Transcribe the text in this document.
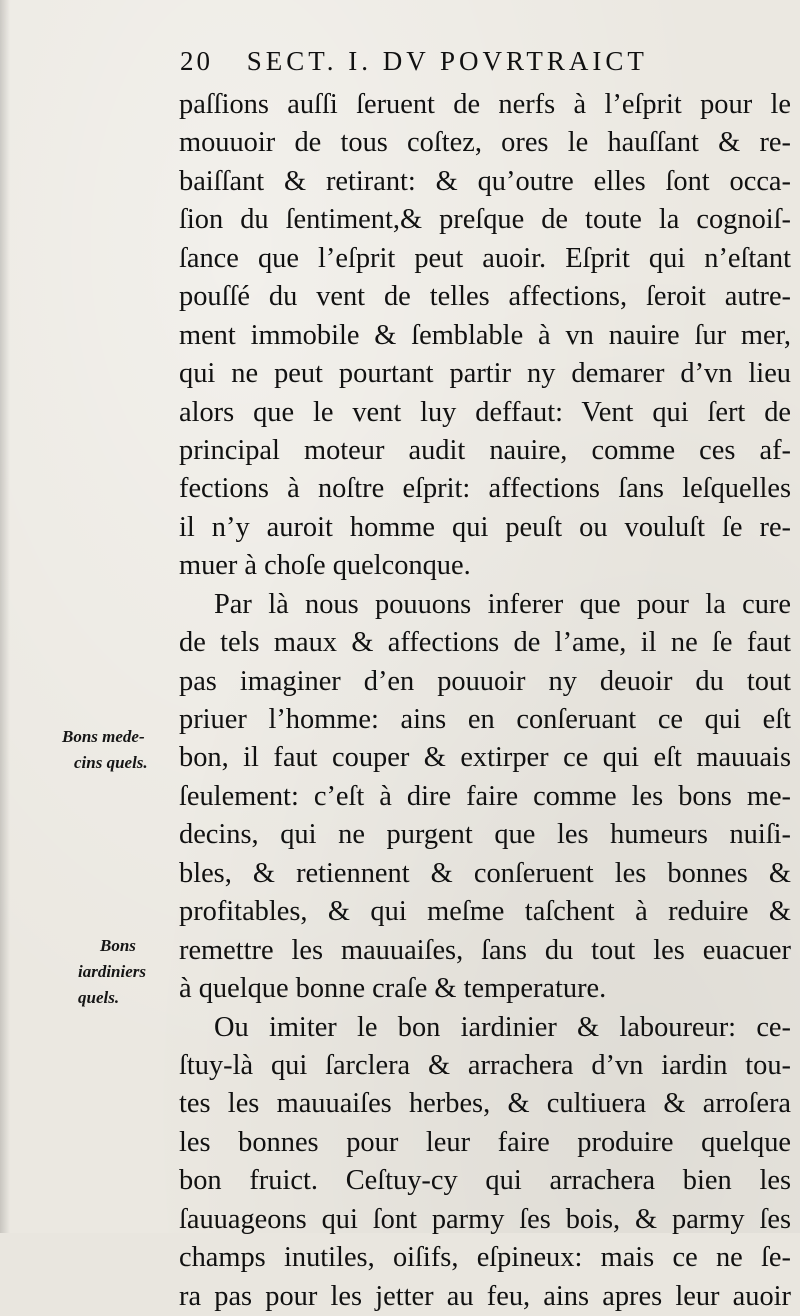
20 SECT. I. DV POVRTRAICT
paſſions auſſi ſeruent de nerfs à l’eſprit pour le
mouuoir de tous coſtez, ores le hauſſant & re-
baiſſant & retirant: & qu’outre elles ſont occa-
ſion du ſentiment,& preſque de toute la cognoiſ-
ſance que l’eſprit peut auoir. Eſprit qui n’eſtant
pouſſé du vent de telles affections, ſeroit autre-
ment immobile & ſemblable à vn nauire ſur mer,
qui ne peut pourtant partir ny demarer d’vn lieu
alors que le vent luy deffaut: Vent qui ſert de
principal moteur audit nauire, comme ces af-
fections à noſtre eſprit: affections ſans leſquelles
il n’y auroit homme qui peuſt ou vouluſt ſe re-
muer à choſe quelconque.
Par là nous pouuons inferer que pour la cure
de tels maux & affections de l’ame, il ne ſe faut
pas imaginer d’en pouuoir ny deuoir du tout
priuer l’homme: ains en conſeruant ce qui eſt
bon, il faut couper & extirper ce qui eſt mauuais
ſeulement: c’eſt à dire faire comme les bons me-
decins, qui ne purgent que les humeurs nuiſi-
bles, & retiennent & conſeruent les bonnes &
profitables, & qui meſme taſchent à reduire &
remettre les mauuaiſes, ſans du tout les euacuer
à quelque bonne craſe & temperature.
Ou imiter le bon iardinier & laboureur: ce-
ſtuy-là qui ſarclera & arrachera d’vn iardin tou-
tes les mauuaiſes herbes, & cultiuera & arroſera
les bonnes pour leur faire produire quelque
bon fruict. Ceſtuy-cy qui arrachera bien les
ſauuageons qui ſont parmy ſes bois, & parmy ſes
champs inutiles, oiſifs, eſpineux: mais ce ne ſe-
ra pas pour les jetter au feu, ains apres leur auoir
Bons mede-
cins quels.
Bons
iardiniers
quels.
